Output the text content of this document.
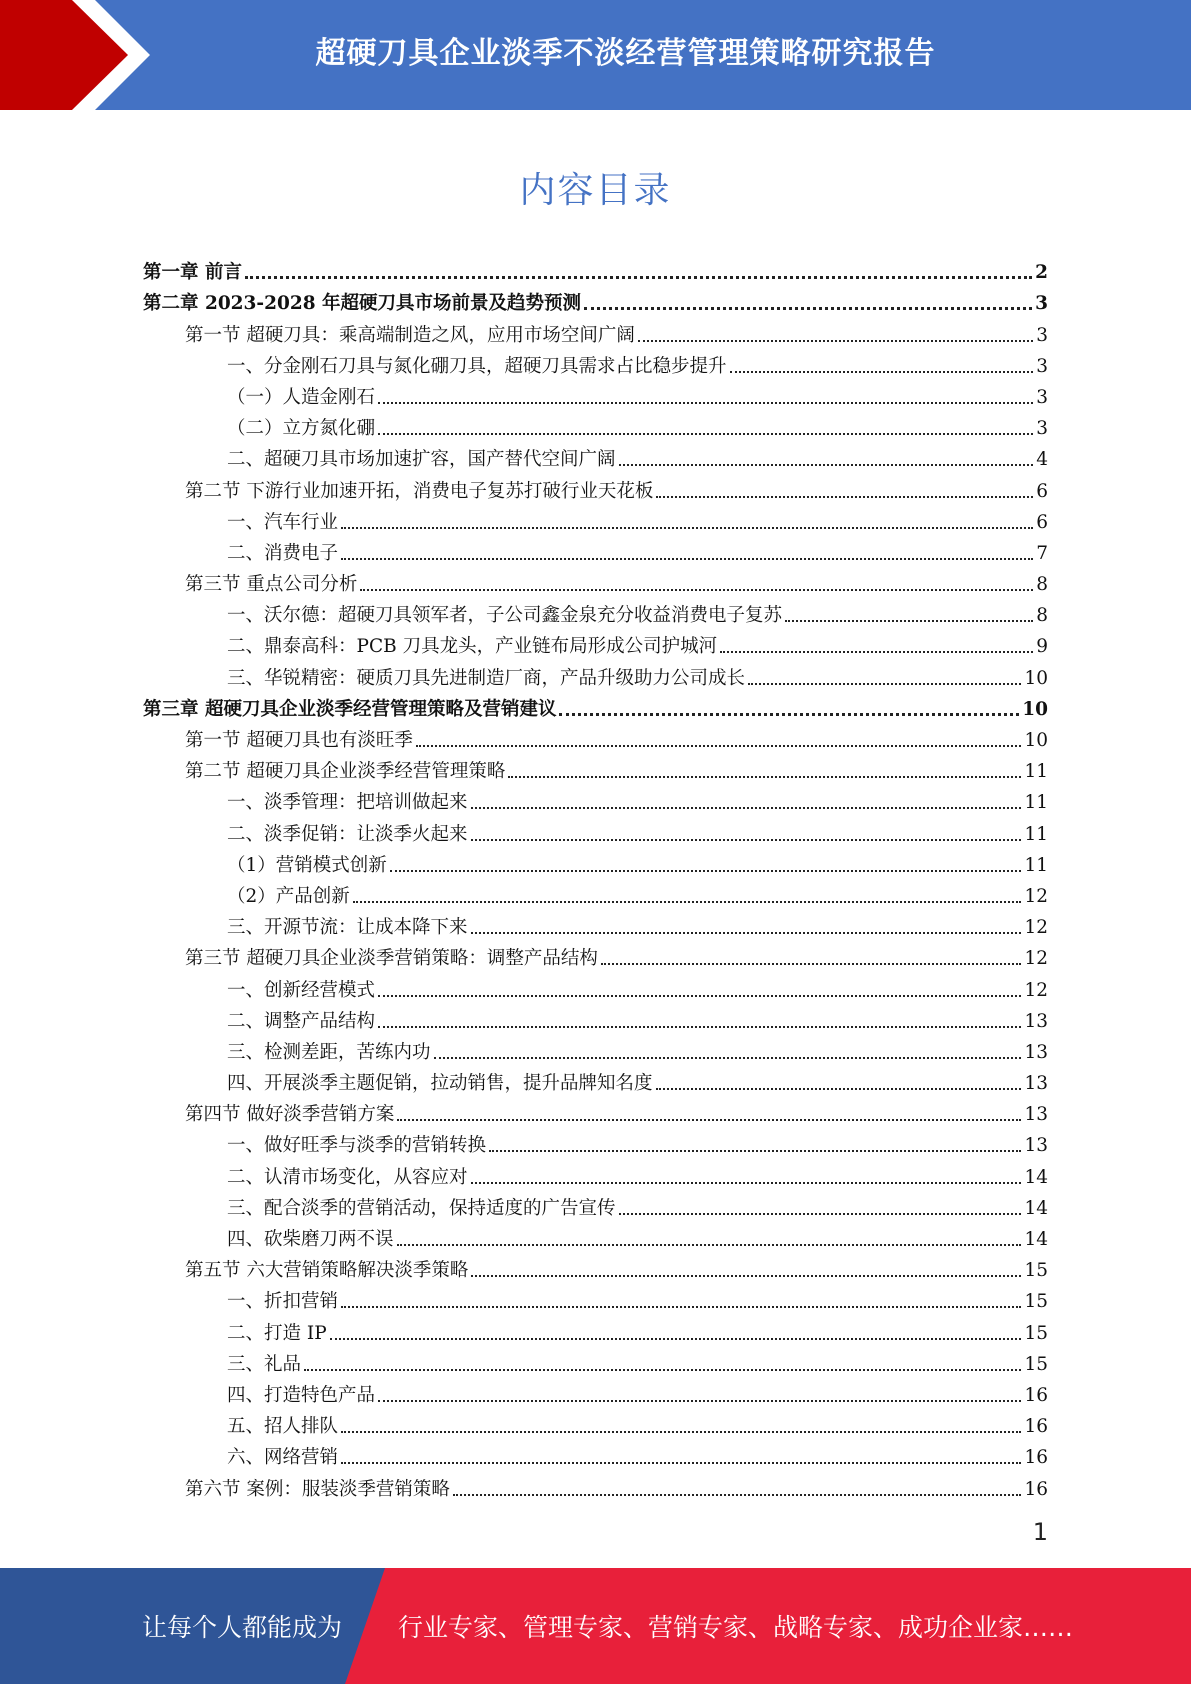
超硬刀具企业淡季不淡经营管理策略研究报告
内容目录
第一章 前言	2
第二章 2023-2028 年超硬刀具市场前景及趋势预测	3
第一节 超硬刀具：乘高端制造之风，应用市场空间广阔	3
一、分金刚石刀具与氮化硼刀具，超硬刀具需求占比稳步提升	3
（一）人造金刚石	3
（二）立方氮化硼	3
二、超硬刀具市场加速扩容，国产替代空间广阔	4
第二节 下游行业加速开拓，消费电子复苏打破行业天花板	6
一、汽车行业	6
二、消费电子	7
第三节 重点公司分析	8
一、沃尔德：超硬刀具领军者，子公司鑫金泉充分收益消费电子复苏	8
二、鼎泰高科：PCB 刀具龙头，产业链布局形成公司护城河	9
三、华锐精密：硬质刀具先进制造厂商，产品升级助力公司成长	10
第三章 超硬刀具企业淡季经营管理策略及营销建议	10
第一节 超硬刀具也有淡旺季	10
第二节 超硬刀具企业淡季经营管理策略	11
一、淡季管理：把培训做起来	11
二、淡季促销：让淡季火起来	11
（1）营销模式创新	11
（2）产品创新	12
三、开源节流：让成本降下来	12
第三节 超硬刀具企业淡季营销策略：调整产品结构	12
一、创新经营模式	12
二、调整产品结构	13
三、检测差距，苦练内功	13
四、开展淡季主题促销，拉动销售，提升品牌知名度	13
第四节 做好淡季营销方案	13
一、做好旺季与淡季的营销转换	13
二、认清市场变化，从容应对	14
三、配合淡季的营销活动，保持适度的广告宣传	14
四、砍柴磨刀两不误	14
第五节 六大营销策略解决淡季策略	15
一、折扣营销	15
二、打造 IP	15
三、礼品	15
四、打造特色产品	16
五、招人排队	16
六、网络营销	16
第六节 案例：服装淡季营销策略	16
1
让每个人都能成为 行业专家、管理专家、营销专家、战略专家、成功企业家……
